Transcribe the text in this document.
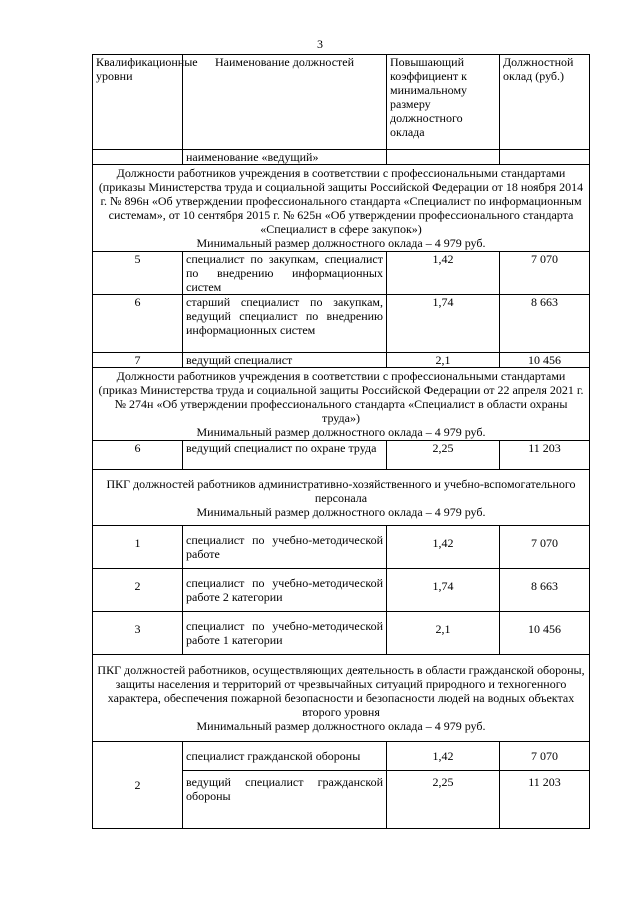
3
Квалификационные уровни	Наименование должностей	Повышающий коэффициент к минимальному размеру должностного оклада	Должностной оклад (руб.)
	наименование «ведущий»		

Должности работников учреждения в соответствии с профессиональными стандартами (приказы Министерства труда и социальной защиты Российской Федерации от 18 ноября 2014 г. № 896н «Об утверждении профессионального стандарта «Специалист по информационным системам», от 10 сентября 2015 г. № 625н «Об утверждении профессионального стандарта «Специалист в сфере закупок»)
Минимальный размер должностного оклада – 4 979 руб.			

5	специалист по закупкам, специалист по внедрению информационных систем	1,42	7 070
6	старший специалист по закупкам, ведущий специалист по внедрению информационных систем	1,74	8 663
7	ведущий специалист	2,1	10 456

Должности работников учреждения в соответствии с профессиональными стандартами (приказ Министерства труда и социальной защиты Российской Федерации от 22 апреля 2021 г. № 274н «Об утверждении профессионального стандарта «Специалист в области охраны труда»)
Минимальный размер должностного оклада – 4 979 руб.			

6	ведущий специалист по охране труда	2,25	11 203

ПКГ должностей работников административно-хозяйственного и учебно-вспомогательного персонала
Минимальный размер должностного оклада – 4 979 руб.			

1	специалист по учебно-методической работе	1,42	7 070
2	специалист по учебно-методической работе 2 категории	1,74	8 663
3	специалист по учебно-методической работе 1 категории	2,1	10 456

ПКГ должностей работников, осуществляющих деятельность в области гражданской обороны, защиты населения и территорий от чрезвычайных ситуаций природного и техногенного характера, обеспечения пожарной безопасности и безопасности людей на водных объектах второго уровня
Минимальный размер должностного оклада – 4 979 руб.			

2	специалист гражданской обороны	1,42	7 070
	ведущий специалист гражданской обороны	2,25	11 203
